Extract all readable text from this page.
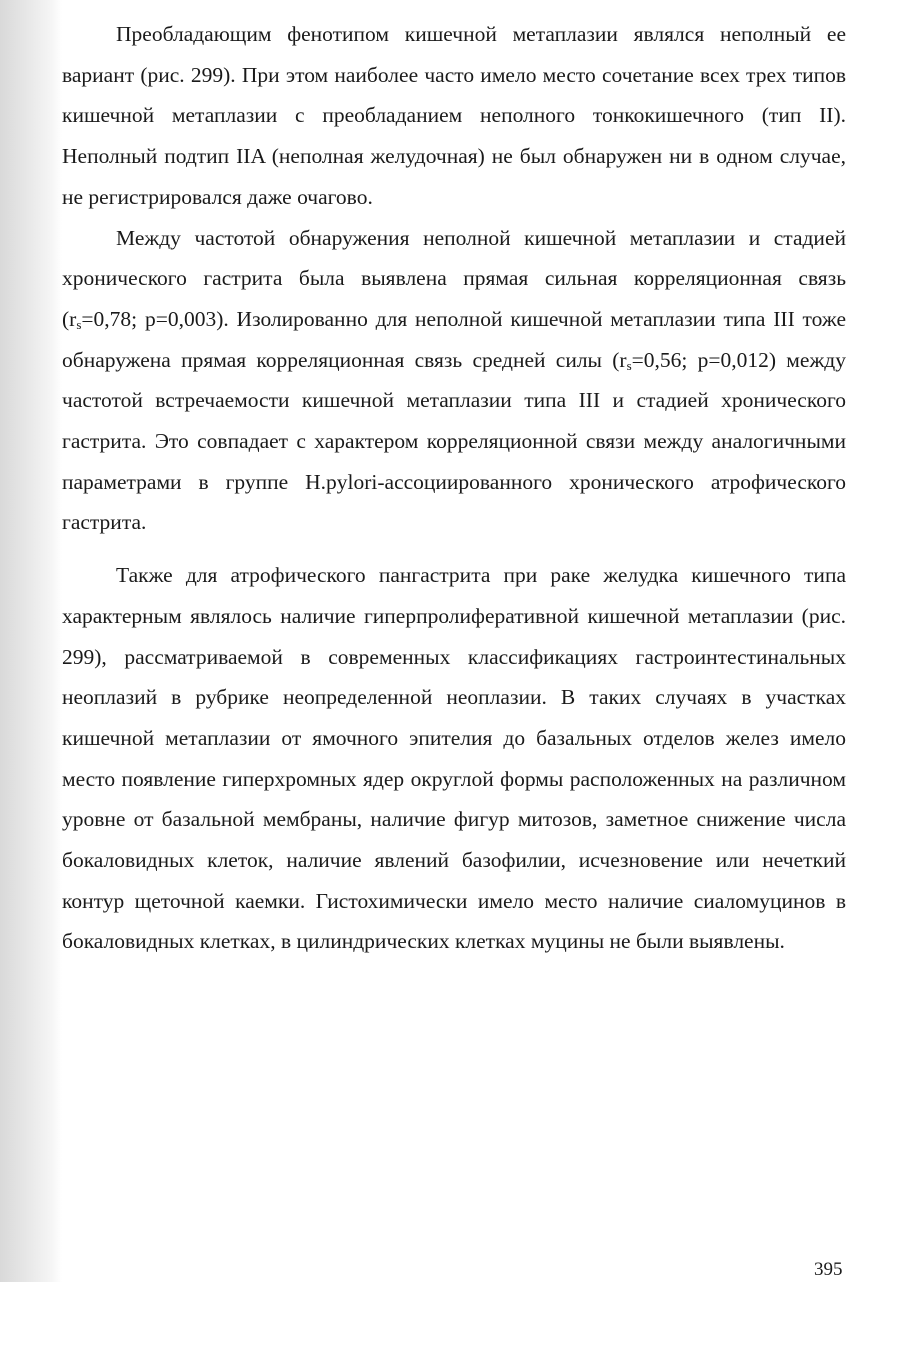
Преобладающим фенотипом кишечной метаплазии являлся неполный ее вариант (рис. 299). При этом наиболее часто имело место сочетание всех трех типов кишечной метаплазии с преобладанием неполного тонкокишечного (тип II). Неполный подтип IIA (неполная желудочная) не был обнаружен ни в одном случае, не регистрировался даже очагово.

Между частотой обнаружения неполной кишечной метаплазии и стадией хронического гастрита была выявлена прямая сильная корреляционная связь ($r_s=0,78$; p=0,003). Изолированно для неполной кишечной метаплазии типа III тоже обнаружена прямая корреляционная связь средней силы ($r_s=0,56$; p=0,012) между частотой встречаемости кишечной метаплазии типа III и стадией хронического гастрита. Это совпадает с характером корреляционной связи между аналогичными параметрами в группе H.pylori-ассоциированного хронического атрофического гастрита.

Также для атрофического пангастрита при раке желудка кишечного типа характерным являлось наличие гиперпролиферативной кишечной метаплазии (рис. 299), рассматриваемой в современных классификациях гастроинтестинальных неоплазий в рубрике неопределенной неоплазии. В таких случаях в участках кишечной метаплазии от ямочного эпителия до базальных отделов желез имело место появление гиперхромных ядер округлой формы расположенных на различном уровне от базальной мембраны, наличие фигур митозов, заметное снижение числа бокаловидных клеток, наличие явлений базофилии, исчезновение или нечеткий контур щеточной каемки. Гистохимически имело место наличие сиаломуцинов в бокаловидных клетках, в цилиндрических клетках муцины не были выявлены.

395
